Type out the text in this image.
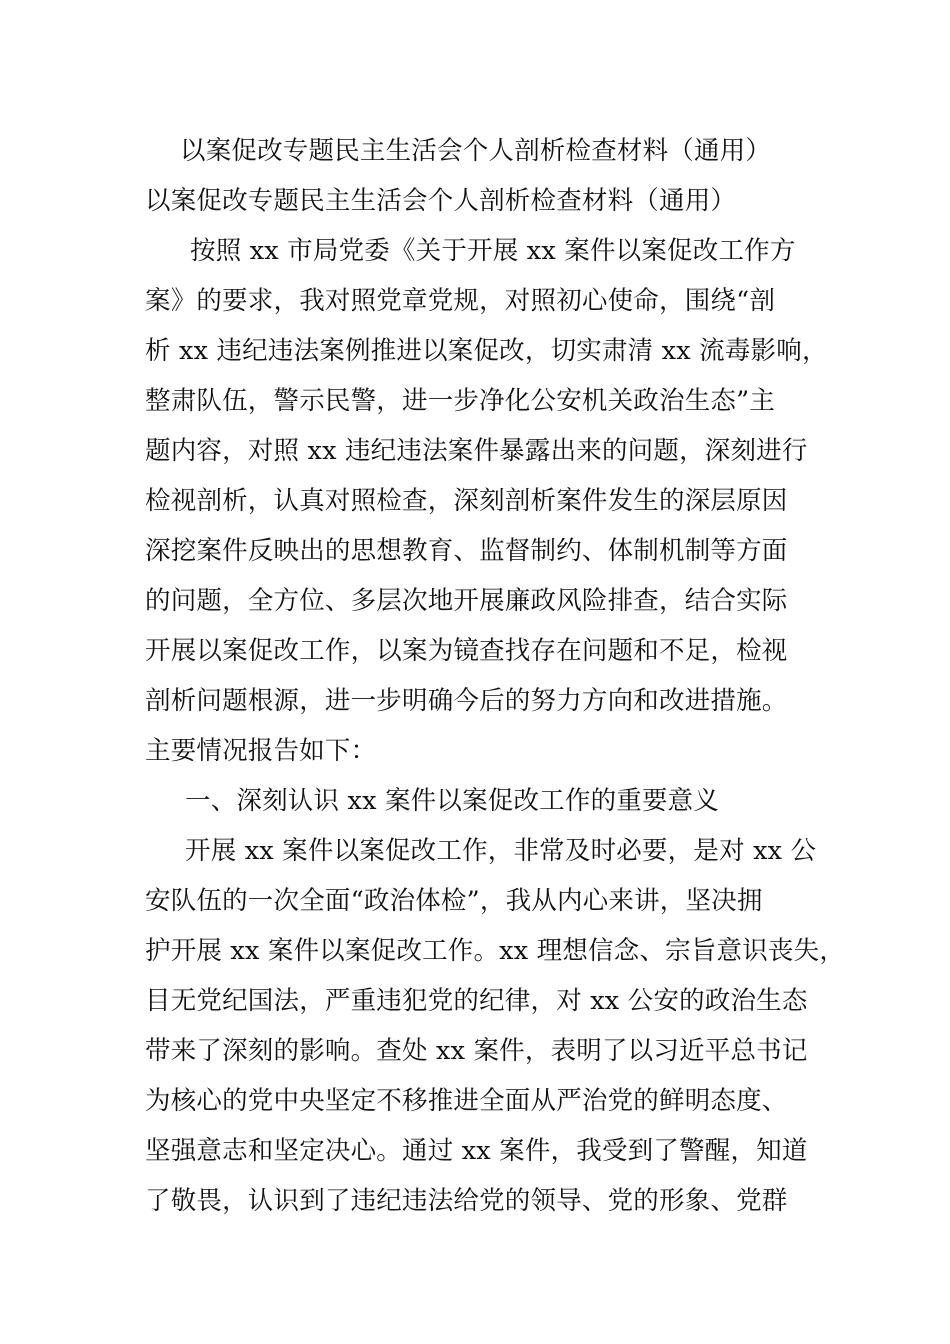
以案促改专题民主生活会个人剖析检查材料（通用）
以案促改专题民主生活会个人剖析检查材料（通用）
按照 xx 市局党委《关于开展 xx 案件以案促改工作方
案》的要求，我对照党章党规，对照初心使命，围绕“剖
析 xx 违纪违法案例推进以案促改，切实肃清 xx 流毒影响，
整肃队伍，警示民警，进一步净化公安机关政治生态”主
题内容，对照 xx 违纪违法案件暴露出来的问题，深刻进行
检视剖析，认真对照检查，深刻剖析案件发生的深层原因
深挖案件反映出的思想教育、监督制约、体制机制等方面
的问题，全方位、多层次地开展廉政风险排查，结合实际
开展以案促改工作，以案为镜查找存在问题和不足，检视
剖析问题根源，进一步明确今后的努力方向和改进措施。
主要情况报告如下：
一、深刻认识 xx 案件以案促改工作的重要意义
开展 xx 案件以案促改工作，非常及时必要，是对 xx 公
安队伍的一次全面“政治体检”，我从内心来讲，坚决拥
护开展 xx 案件以案促改工作。xx 理想信念、宗旨意识丧失，
目无党纪国法，严重违犯党的纪律，对 xx 公安的政治生态
带来了深刻的影响。查处 xx 案件，表明了以习近平总书记
为核心的党中央坚定不移推进全面从严治党的鲜明态度、
坚强意志和坚定决心。通过 xx 案件，我受到了警醒，知道
了敬畏，认识到了违纪违法给党的领导、党的形象、党群
